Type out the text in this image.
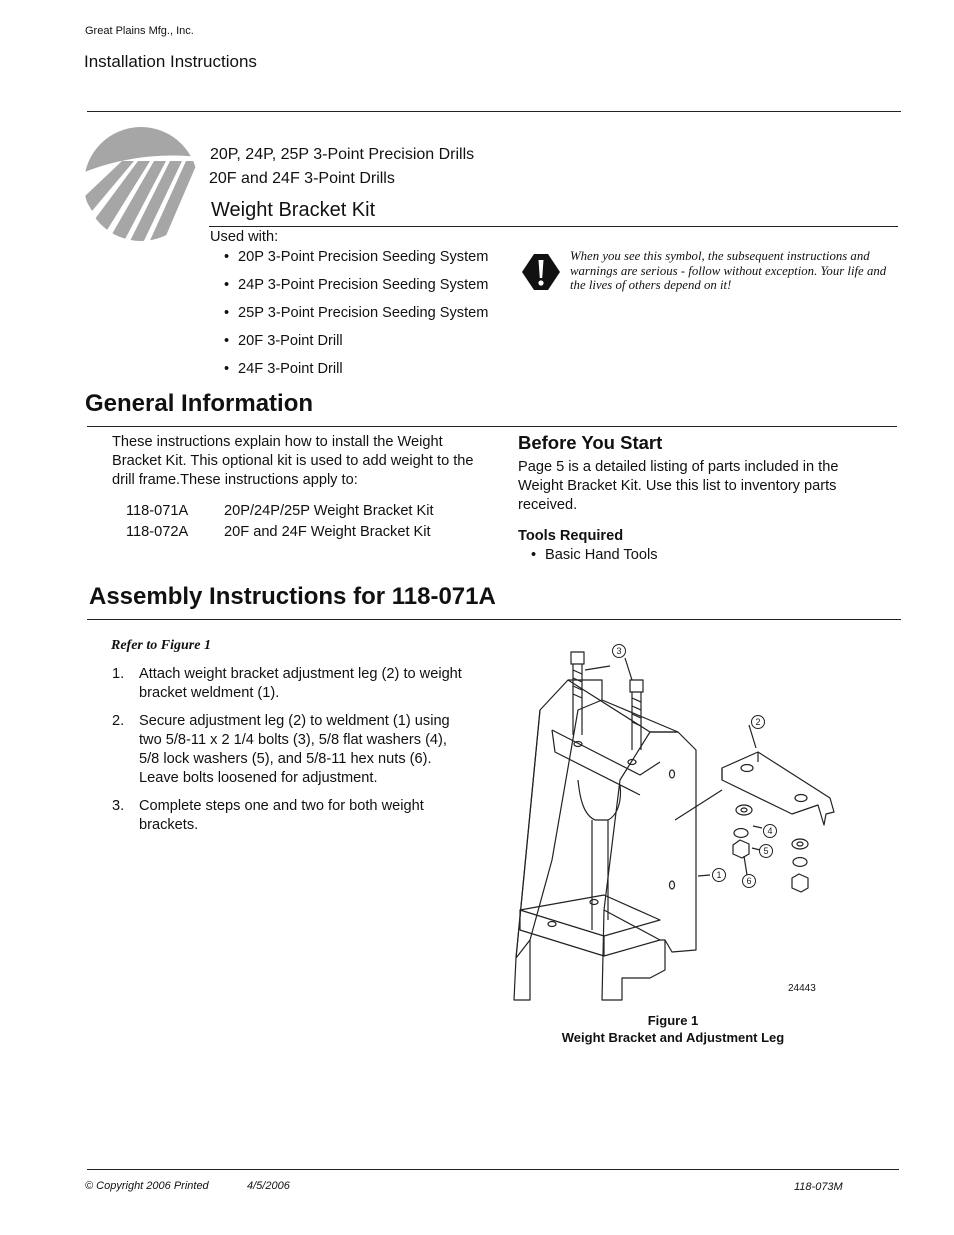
Great Plains Mfg., Inc.
Installation Instructions
20P, 24P, 25P 3-Point Precision Drills
20F and 24F 3-Point Drills
Weight Bracket Kit
Used with:
• 20P 3-Point Precision Seeding System
• 24P 3-Point Precision Seeding System
• 25P 3-Point Precision Seeding System
• 20F 3-Point Drill
• 24F 3-Point Drill
When you see this symbol, the subsequent instructions and warnings are serious - follow without exception. Your life and the lives of others depend on it!
General Information
These instructions explain how to install the Weight Bracket Kit. This optional kit is used to add weight to the drill frame.These instructions apply to:
118-071A 20P/24P/25P Weight Bracket Kit
118-072A 20F and 24F Weight Bracket Kit
Before You Start
Page 5 is a detailed listing of parts included in the Weight Bracket Kit. Use this list to inventory parts received.
Tools Required
• Basic Hand Tools
Assembly Instructions for 118-071A
Refer to Figure 1
1. Attach weight bracket adjustment leg (2) to weight bracket weldment (1).
2. Secure adjustment leg (2) to weldment (1) using two 5/8-11 x 2 1/4 bolts (3), 5/8 flat washers (4), 5/8 lock washers (5), and 5/8-11 hex nuts (6). Leave bolts loosened for adjustment.
3. Complete steps one and two for both weight brackets.
3
2
4
5
6
1
24443
Figure 1
Weight Bracket and Adjustment Leg
© Copyright 2006 Printed	4/5/2006	118-073M
